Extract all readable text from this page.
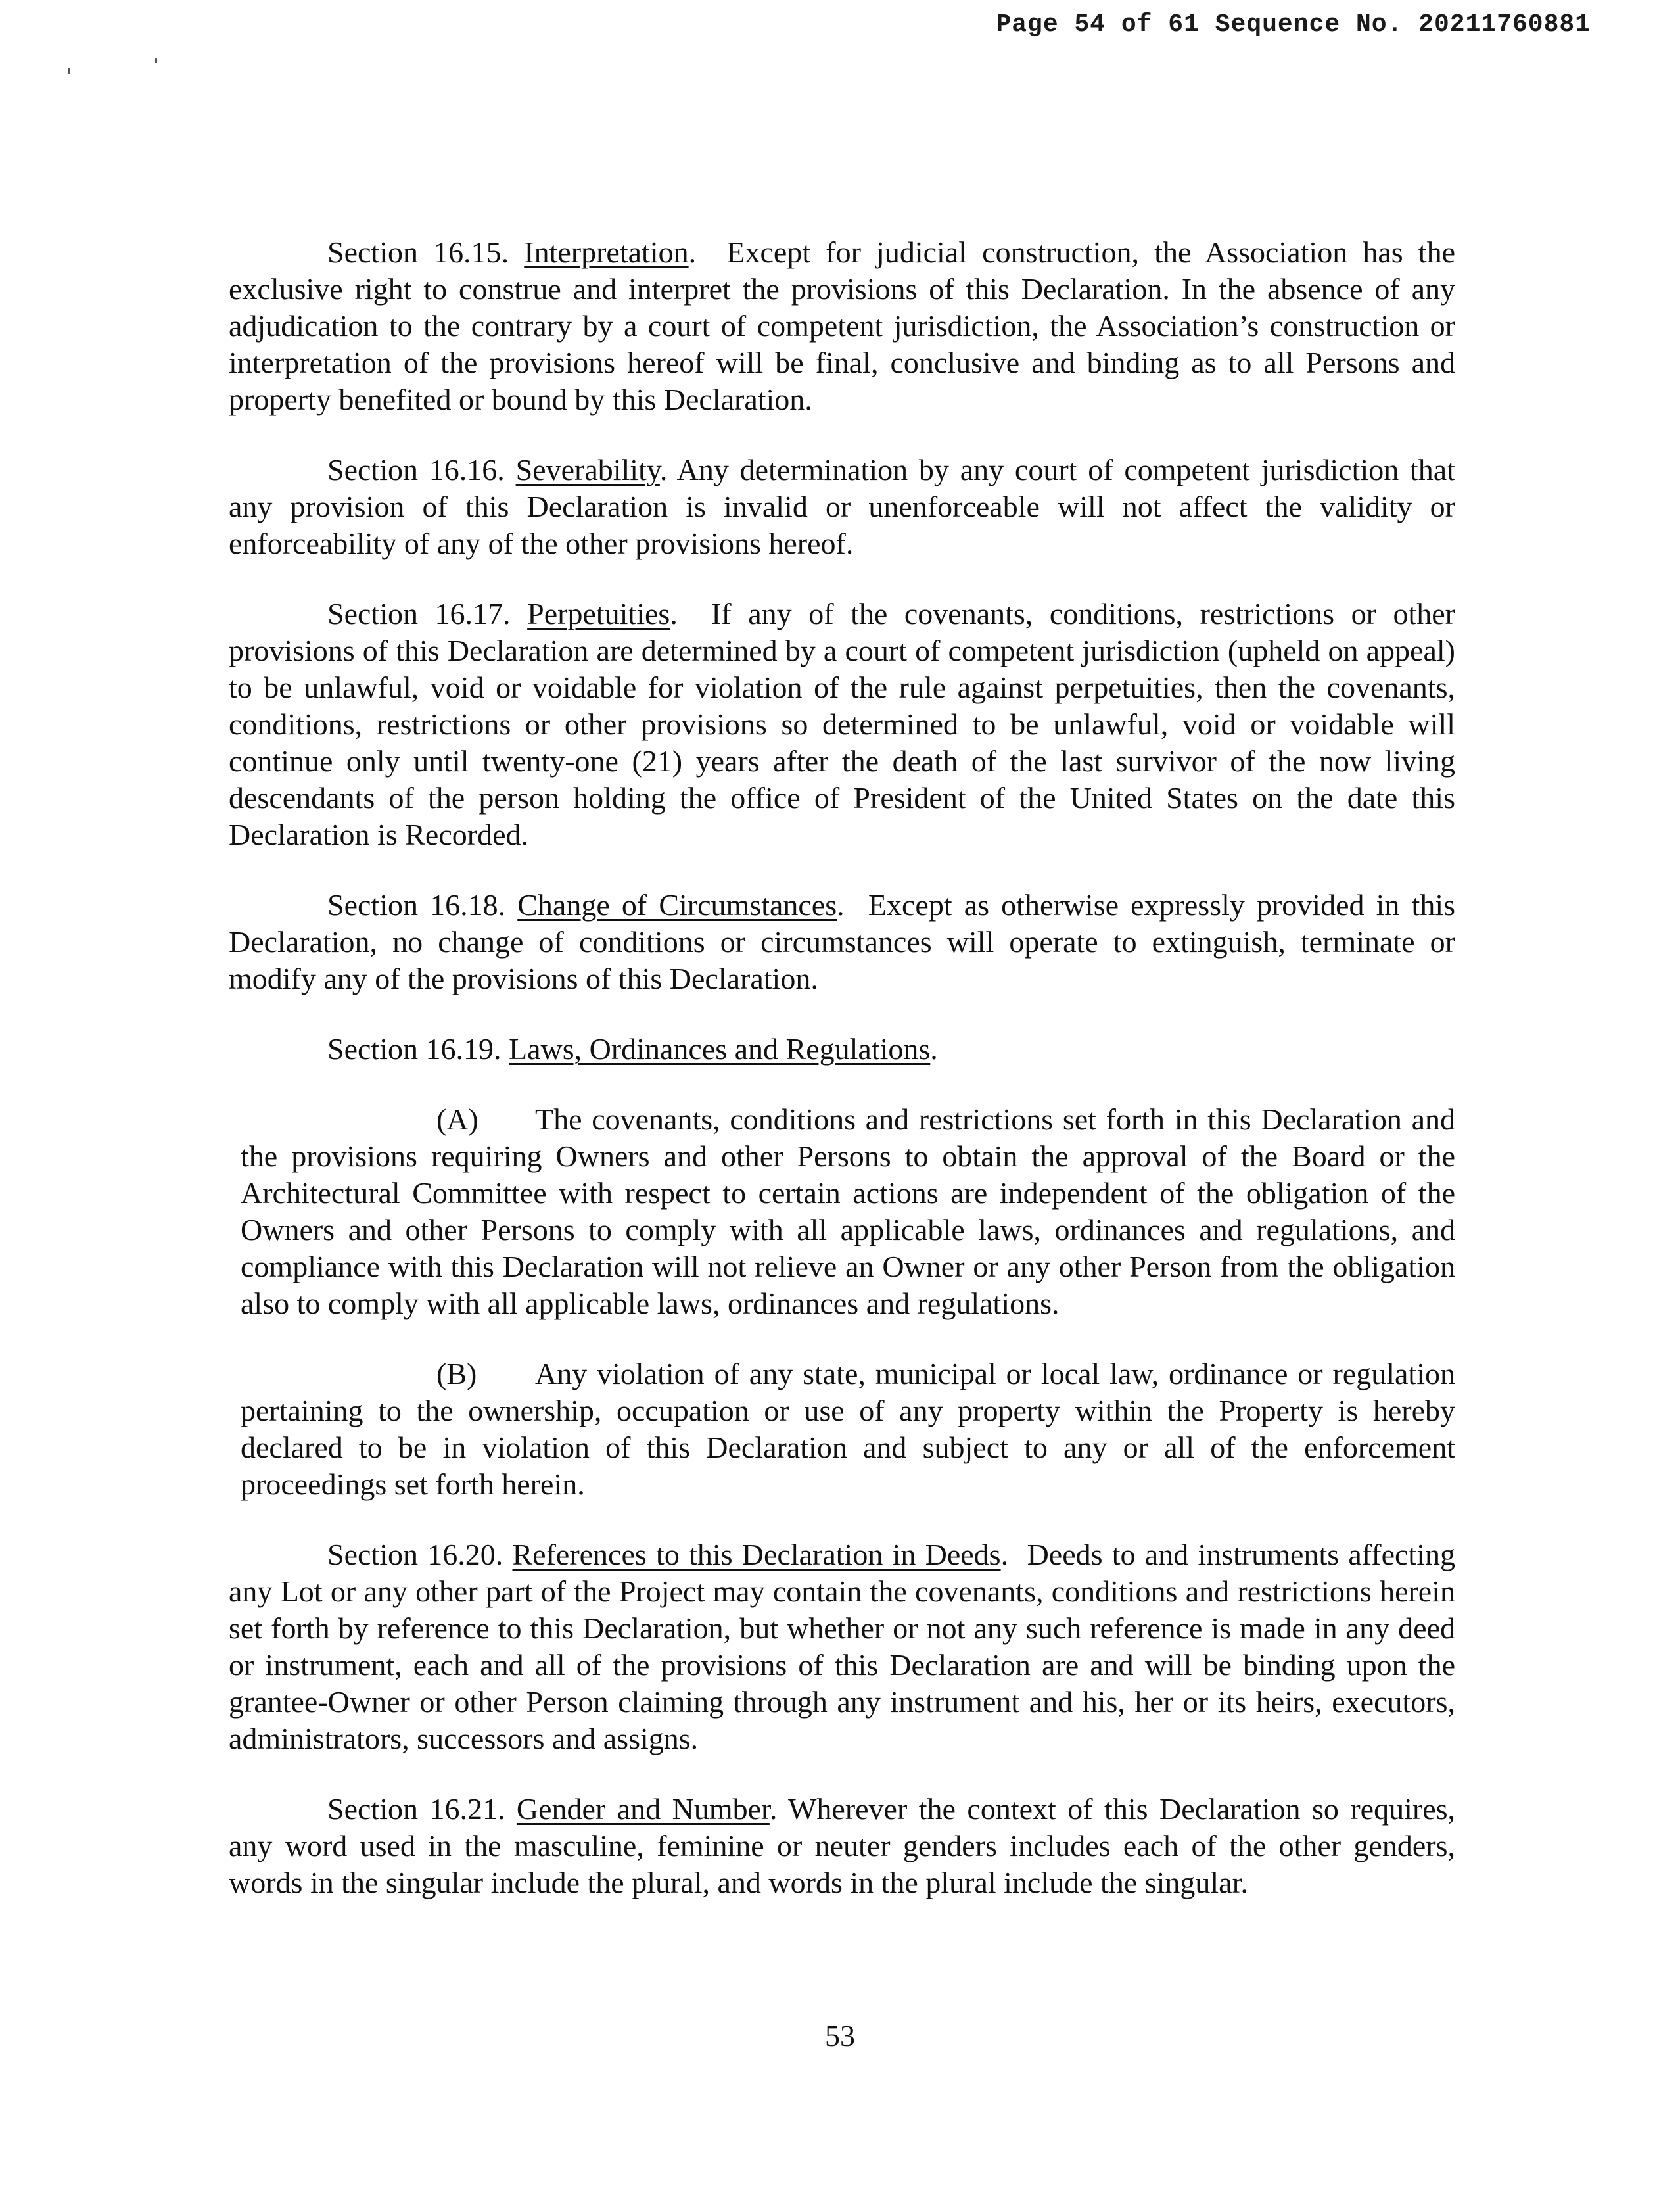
Page 54 of 61 Sequence No. 20211760881

Section 16.15. Interpretation.  Except for judicial construction, the Association has the exclusive right to construe and interpret the provisions of this Declaration. In the absence of any adjudication to the contrary by a court of competent jurisdiction, the Association’s construction or interpretation of the provisions hereof will be final, conclusive and binding as to all Persons and property benefited or bound by this Declaration.

Section 16.16. Severability. Any determination by any court of competent jurisdiction that any provision of this Declaration is invalid or unenforceable will not affect the validity or enforceability of any of the other provisions hereof.

Section 16.17. Perpetuities.  If any of the covenants, conditions, restrictions or other provisions of this Declaration are determined by a court of competent jurisdiction (upheld on appeal) to be unlawful, void or voidable for violation of the rule against perpetuities, then the covenants, conditions, restrictions or other provisions so determined to be unlawful, void or voidable will continue only until twenty-one (21) years after the death of the last survivor of the now living descendants of the person holding the office of President of the United States on the date this Declaration is Recorded.

Section 16.18. Change of Circumstances.  Except as otherwise expressly provided in this Declaration, no change of conditions or circumstances will operate to extinguish, terminate or modify any of the provisions of this Declaration.

Section 16.19. Laws, Ordinances and Regulations.

(A) The covenants, conditions and restrictions set forth in this Declaration and the provisions requiring Owners and other Persons to obtain the approval of the Board or the Architectural Committee with respect to certain actions are independent of the obligation of the Owners and other Persons to comply with all applicable laws, ordinances and regulations, and compliance with this Declaration will not relieve an Owner or any other Person from the obligation also to comply with all applicable laws, ordinances and regulations.

(B) Any violation of any state, municipal or local law, ordinance or regulation pertaining to the ownership, occupation or use of any property within the Property is hereby declared to be in violation of this Declaration and subject to any or all of the enforcement proceedings set forth herein.

Section 16.20. References to this Declaration in Deeds.  Deeds to and instruments affecting any Lot or any other part of the Project may contain the covenants, conditions and restrictions herein set forth by reference to this Declaration, but whether or not any such reference is made in any deed or instrument, each and all of the provisions of this Declaration are and will be binding upon the grantee-Owner or other Person claiming through any instrument and his, her or its heirs, executors, administrators, successors and assigns.

Section 16.21. Gender and Number. Wherever the context of this Declaration so requires, any word used in the masculine, feminine or neuter genders includes each of the other genders, words in the singular include the plural, and words in the plural include the singular.

53
